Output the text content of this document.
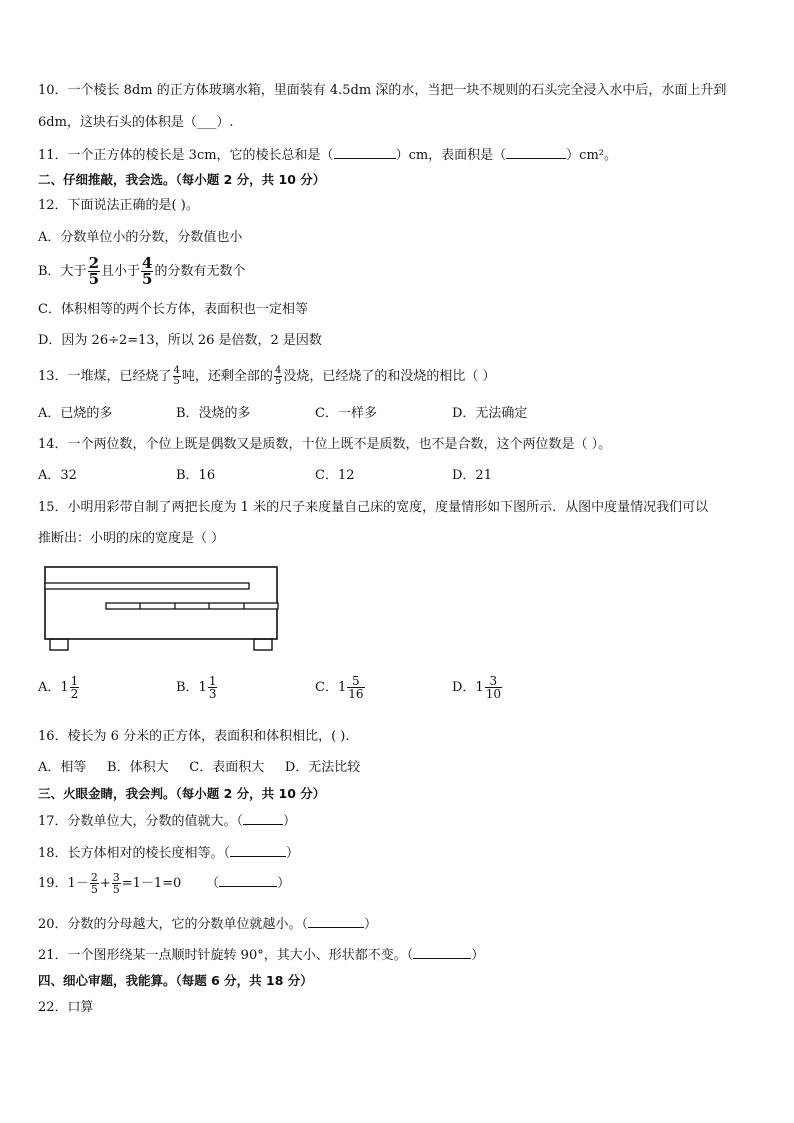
10．一个棱长 8dm 的正方体玻璃水箱，里面装有 4.5dm 深的水，当把一块不规则的石头完全浸入水中后，水面上升到
6dm，这块石头的体积是（___）.
11．一个正方体的棱长是 3cm，它的棱长总和是（	）cm，表面积是（	）cm²。
二、仔细推敲，我会选。（每小题 2 分，共 10 分）
12．下面说法正确的是( )。
A．分数单位小的分数，分数值也小
B．大于 $\frac{2}{5}$ 且小于 $\frac{4}{5}$ 的分数有无数个
C．体积相等的两个长方体，表面积也一定相等
D．因为 26÷2=13，所以 26 是倍数，2 是因数
13．一堆煤，已经烧了 $\frac{4}{5}$ 吨，还剩全部的 $\frac{4}{5}$ 没烧，已经烧了的和没烧的相比（ ）
A．已烧的多	B．没烧的多	C．一样多	D．无法确定
14．一个两位数，个位上既是偶数又是质数，十位上既不是质数，也不是合数，这个两位数是（ ）。
A．32	B．16	C．12	D．21
15．小明用彩带自制了两把长度为 1 米的尺子来度量自己床的宽度，度量情形如下图所示．从图中度量情况我们可以
推断出：小明的床的宽度是（ ）
A．$1 \frac{1}{2}$	B．$1 \frac{1}{3}$	C．$1 \frac{5}{16}$	D．$1 \frac{3}{10}$
16．棱长为 6 分米的正方体，表面积和体积相比，( ).
A．相等     B．体积大     C．表面积大     D．无法比较
三、火眼金睛，我会判。（每小题 2 分，共 10 分）
17．分数单位大，分数的值就大。（	）
18．长方体相对的棱长度相等。（	）
19．$1- \frac{2}{5} + \frac{3}{5} =1-1=0$      （	）
20．分数的分母越大，它的分数单位就越小。（	）
21．一个图形绕某一点顺时针旋转 90°，其大小、形状都不变。（	）
四、细心审题，我能算。（每题 6 分，共 18 分）
22．口算
